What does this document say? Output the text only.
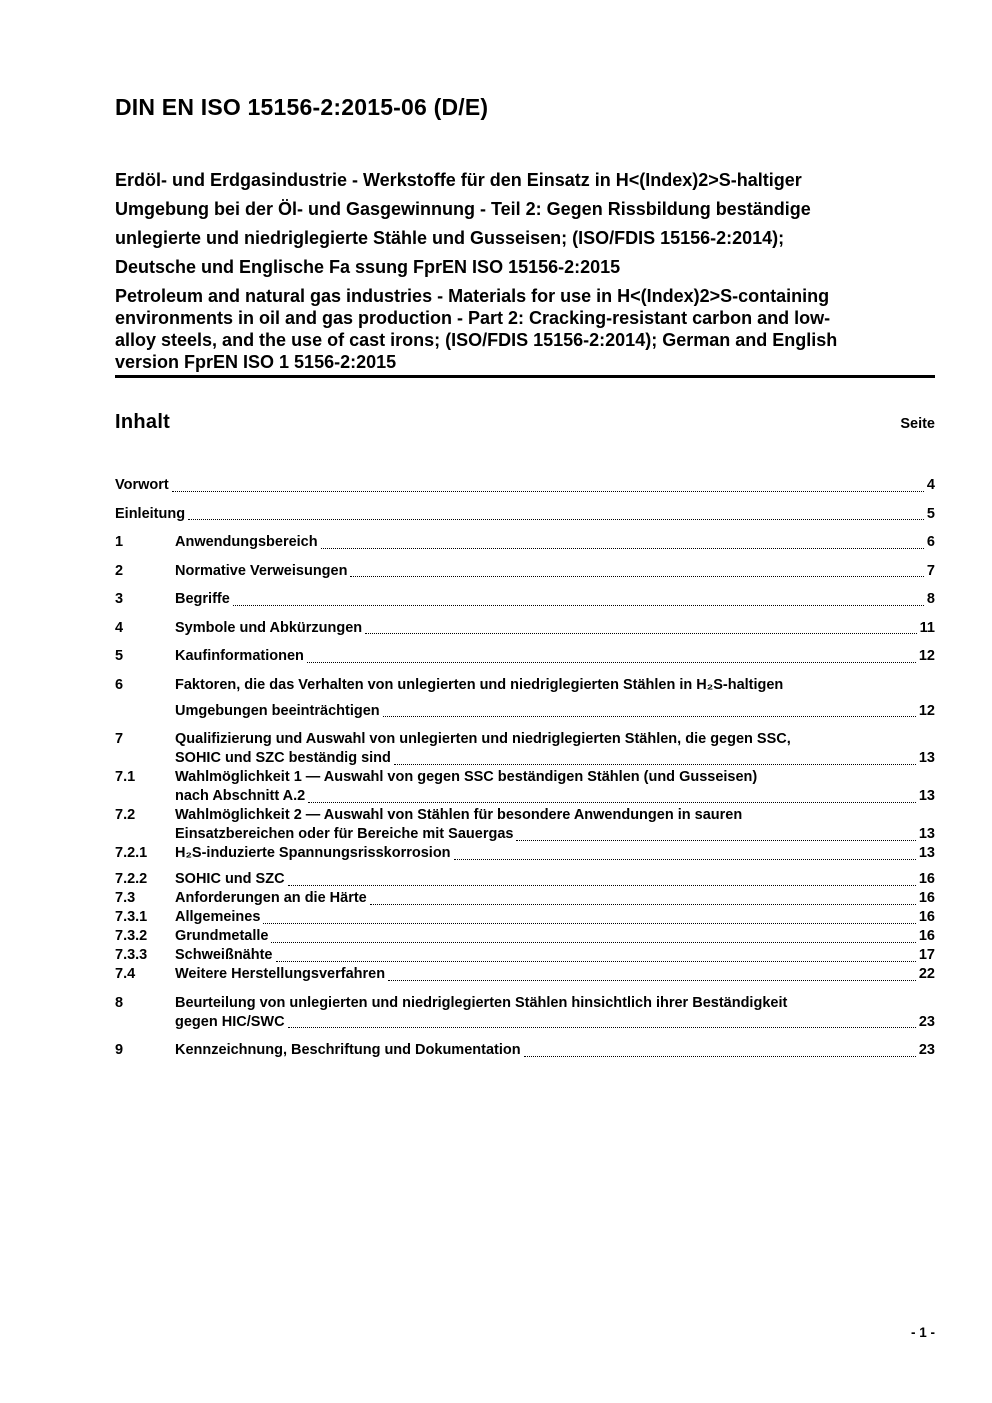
DIN EN ISO 15156-2:2015-06 (D/E)
Erdöl- und Erdgasindustrie - Werkstoffe für den Einsatz in H<(Index)2>S-haltiger
Umgebung bei der Öl- und Gasgewinnung - Teil 2: Gegen Rissbildung beständige
unlegierte und niedriglegierte Stähle und Gusseisen; (ISO/FDIS 15156-2:2014);
Deutsche und Englische Fa ssung FprEN ISO 15156-2:2015
Petroleum and natural gas industries - Materials for use in H<(Index)2>S-containing
environments in oil and gas production - Part 2: Cracking-resistant carbon and low-
alloy steels, and the use of cast irons; (ISO/FDIS 15156-2:2014); German and English
version FprEN ISO 1 5156-2:2015
Inhalt	Seite
Vorwort	4
Einleitung	5
1	Anwendungsbereich	6
2	Normative Verweisungen	7
3	Begriffe	8
4	Symbole und Abkürzungen	11
5	Kaufinformationen	12
6	Faktoren, die das Verhalten von unlegierten und niedriglegierten Stählen in H₂S-haltigen
Umgebungen beeinträchtigen	12
7	Qualifizierung und Auswahl von unlegierten und niedriglegierten Stählen, die gegen SSC,
SOHIC und SZC beständig sind	13
7.1	Wahlmöglichkeit 1 — Auswahl von gegen SSC beständigen Stählen (und Gusseisen)
nach Abschnitt A.2	13
7.2	Wahlmöglichkeit 2 — Auswahl von Stählen für besondere Anwendungen in sauren
Einsatzbereichen oder für Bereiche mit Sauergas	13
7.2.1	H₂S-induzierte Spannungsrisskorrosion	13
7.2.2	SOHIC und SZC	16
7.3	Anforderungen an die Härte	16
7.3.1	Allgemeines	16
7.3.2	Grundmetalle	16
7.3.3	Schweißnähte	17
7.4	Weitere Herstellungsverfahren	22
8	Beurteilung von unlegierten und niedriglegierten Stählen hinsichtlich ihrer Beständigkeit
gegen HIC/SWC	23
9	Kennzeichnung, Beschriftung und Dokumentation	23
- 1 -
